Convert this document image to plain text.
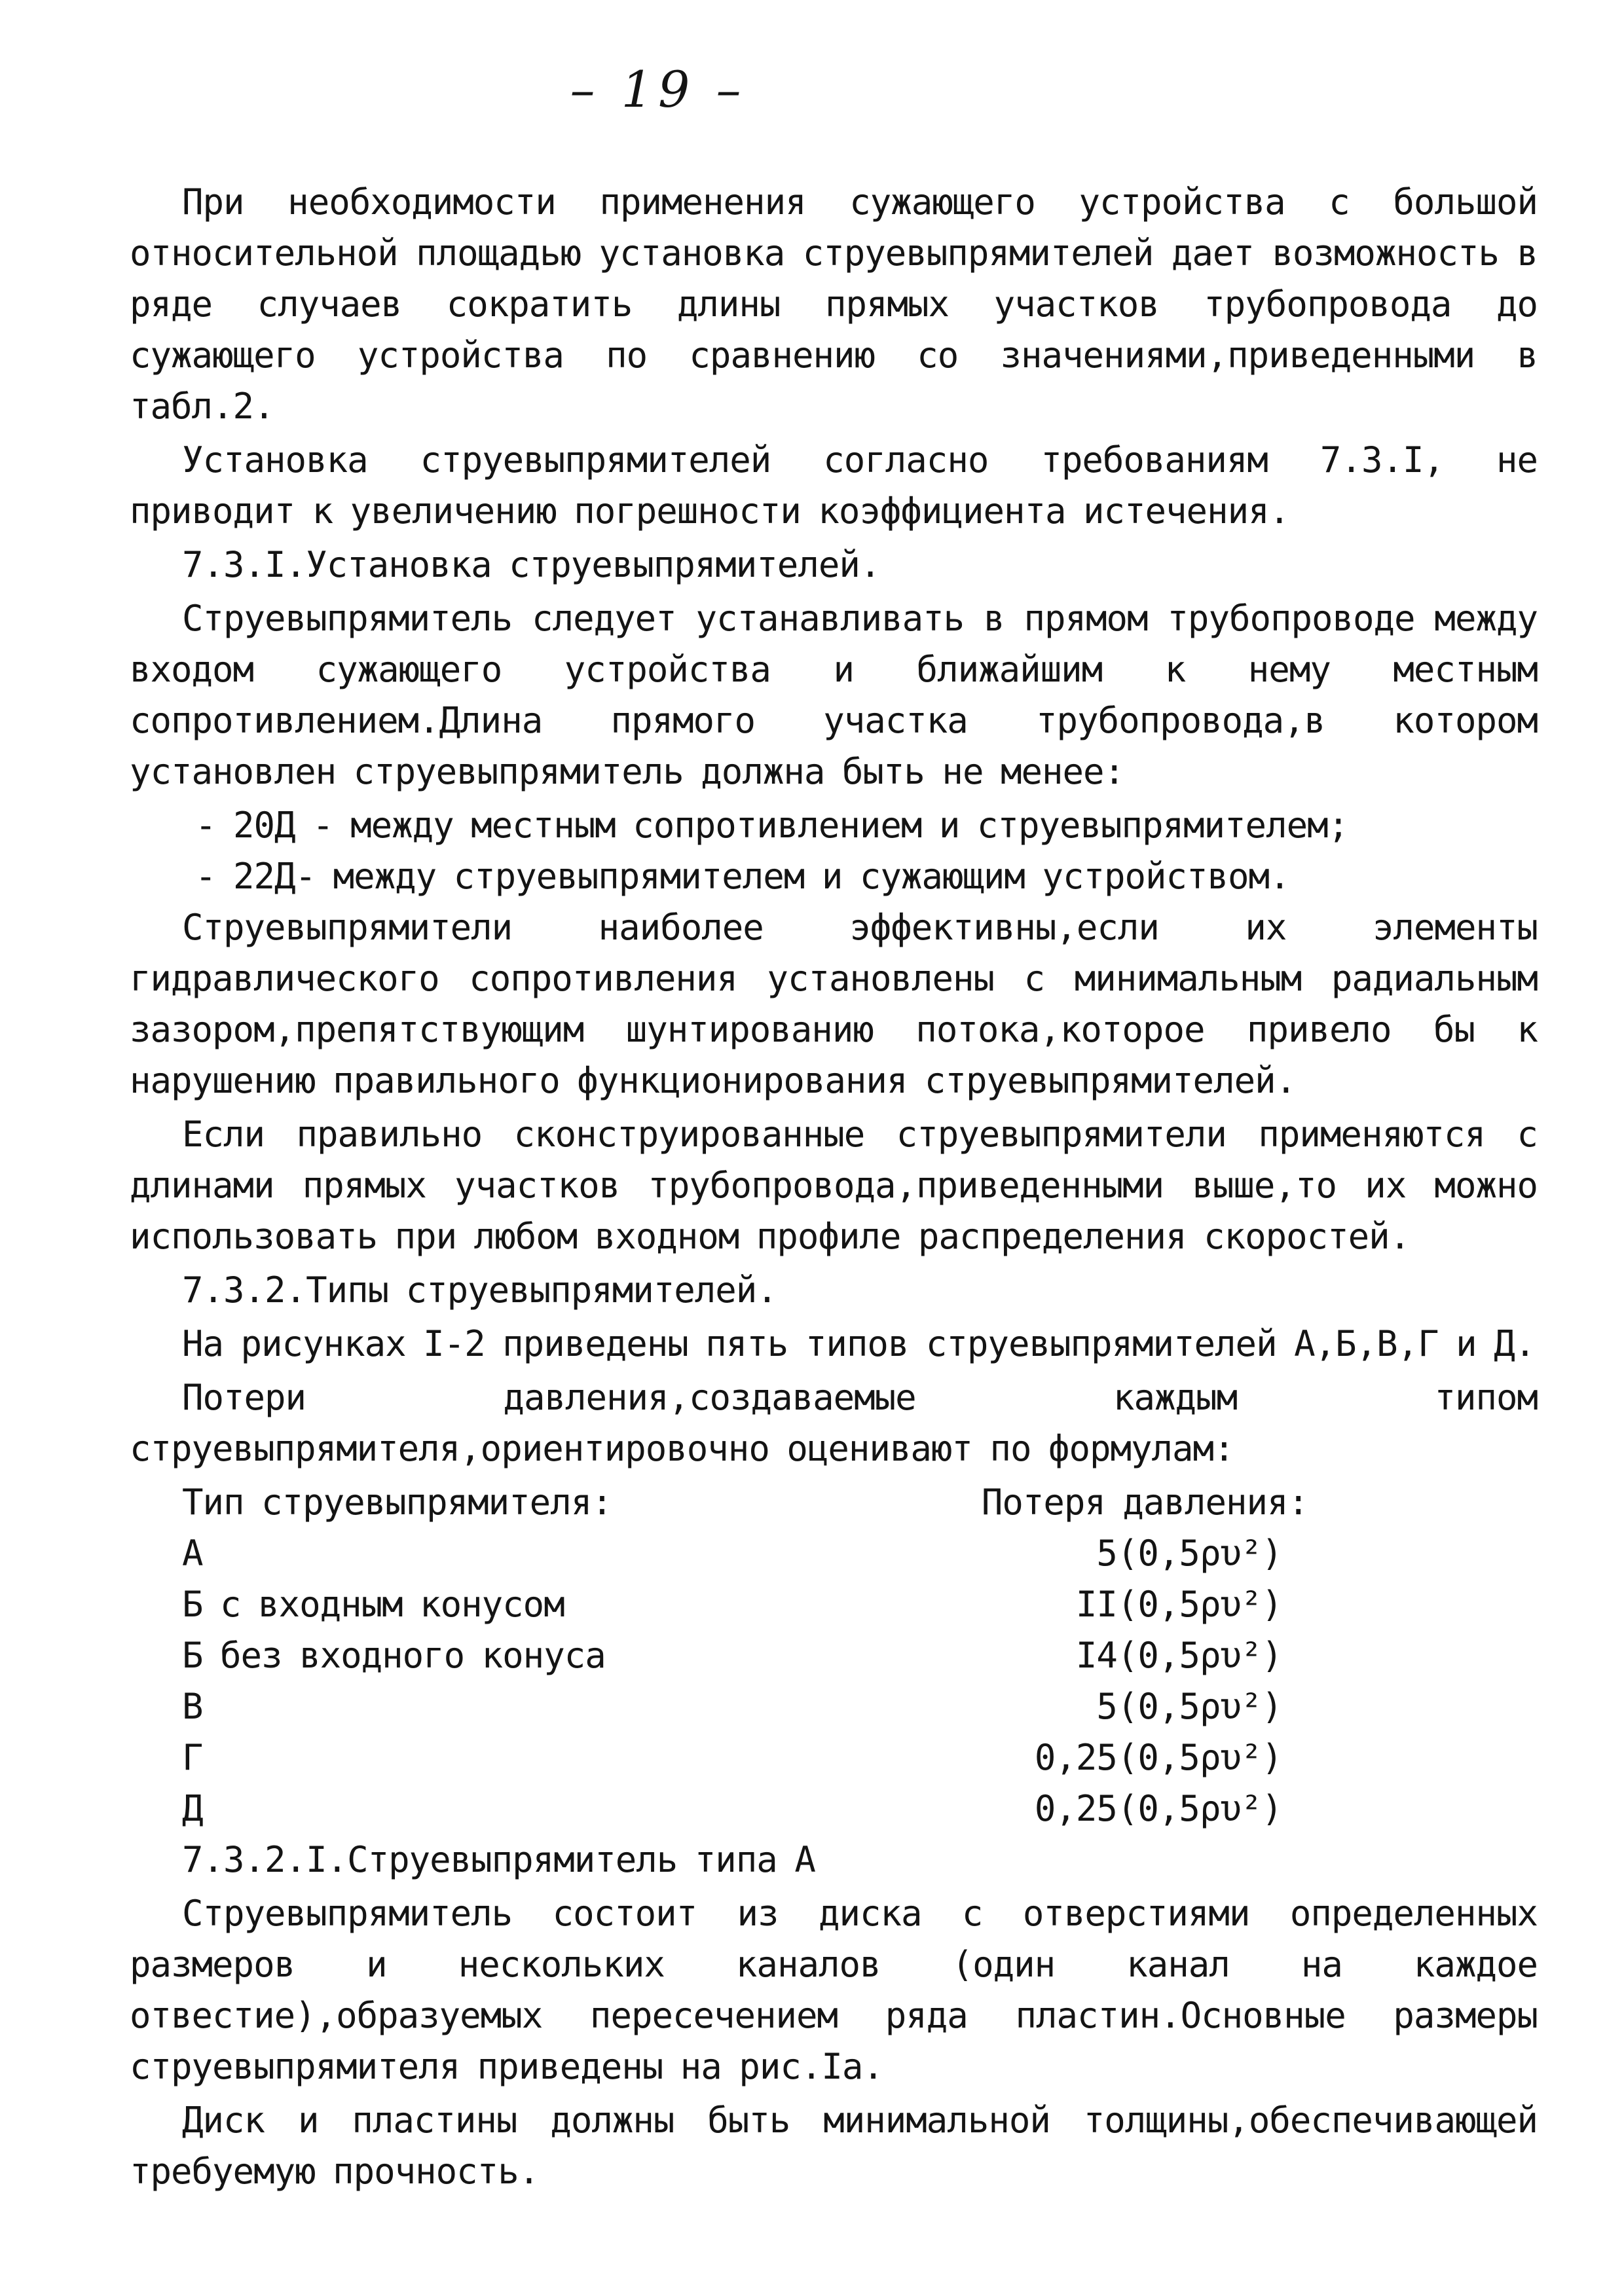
– 19 –

При необходимости применения сужающего устройства с большой относительной площадью установка струевыпрямителей дает возможность в ряде случаев сократить длины прямых участков трубопровода до сужающего устройства по сравнению со значениями,приведенными в табл.2.

Установка струевыпрямителей согласно требованиям 7.3.I, не приводит к увеличению погрешности коэффициента истечения.

7.3.I.Установка струевыпрямителей.

Струевыпрямитель следует устанавливать в прямом трубопроводе между входом сужающего устройства и ближайшим к нему местным сопротивлением.Длина прямого участка трубопровода,в котором установлен струевыпрямитель должна быть не менее:

- 20Д - между местным сопротивлением и струевыпрямителем;
- 22Д- между струевыпрямителем и сужающим устройством.

Струевыпрямители наиболее эффективны,если их элементы гидравлического сопротивления установлены с минимальным радиальным зазором,препятствующим шунтированию потока,которое привело бы к нарушению правильного функционирования струевыпрямителей.

Если правильно сконструированные струевыпрямители применяются с длинами прямых участков трубопровода,приведенными выше,то их можно использовать при любом входном профиле распределения скоростей.

7.3.2.Типы струевыпрямителей.

На рисунках I-2 приведены пять типов струевыпрямителей А,Б,В,Г и Д.

Потери давления,создаваемые каждым типом струевыпрямителя,ориентировочно оценивают по формулам:

Тип струевыпрямителя:	Потеря давления:
А	5(0,5ρυ²)
Б с входным конусом	II(0,5ρυ²)
Б без входного конуса	I4(0,5ρυ²)
В	5(0,5ρυ²)
Г	0,25(0,5ρυ²)
Д	0,25(0,5ρυ²)

7.3.2.I.Струевыпрямитель типа А

Струевыпрямитель состоит из диска с отверстиями определенных размеров и нескольких каналов (один канал на каждое отвестие),образуемых пересечением ряда пластин.Основные размеры струевыпрямителя приведены на рис.Iа.

Диск и пластины должны быть минимальной толщины,обеспечивающей требуемую прочность.
